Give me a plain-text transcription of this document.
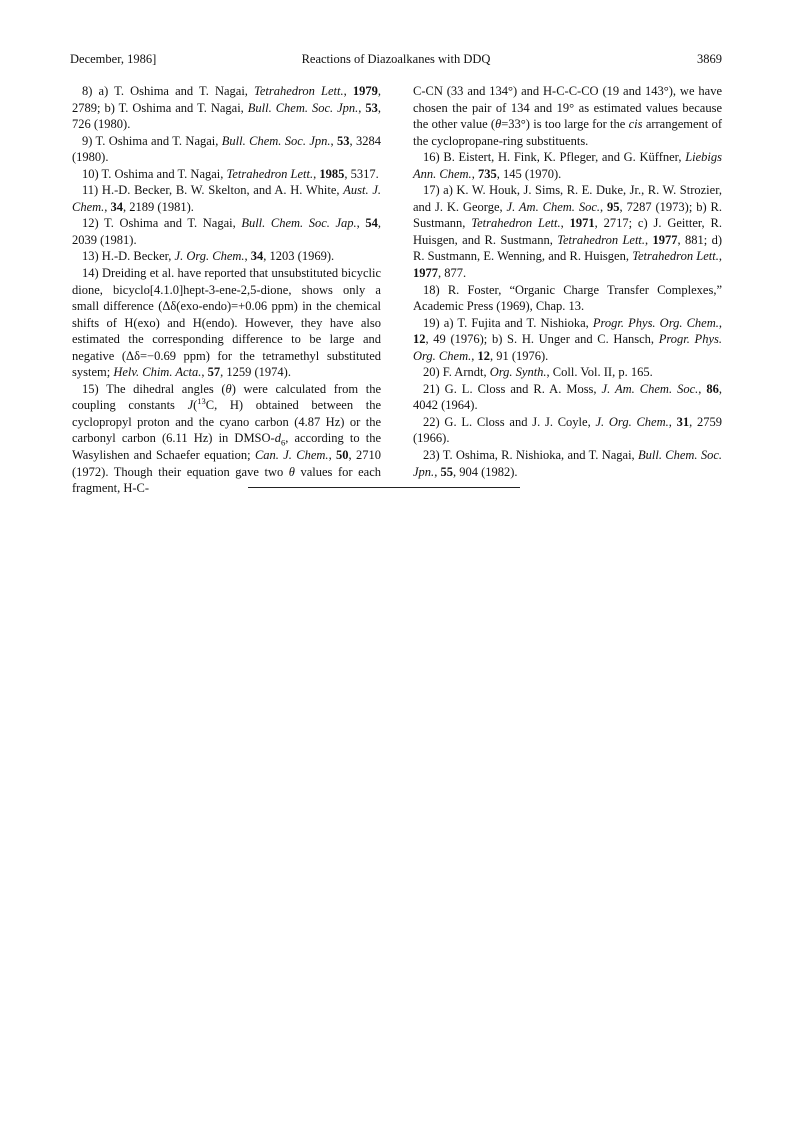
December, 1986]	Reactions of Diazoalkanes with DDQ	3869

8) a) T. Oshima and T. Nagai, Tetrahedron Lett., 1979, 2789; b) T. Oshima and T. Nagai, Bull. Chem. Soc. Jpn., 53, 726 (1980).

9) T. Oshima and T. Nagai, Bull. Chem. Soc. Jpn., 53, 3284 (1980).

10) T. Oshima and T. Nagai, Tetrahedron Lett., 1985, 5317.

11) H.-D. Becker, B. W. Skelton, and A. H. White, Aust. J. Chem., 34, 2189 (1981).

12) T. Oshima and T. Nagai, Bull. Chem. Soc. Jap., 54, 2039 (1981).

13) H.-D. Becker, J. Org. Chem., 34, 1203 (1969).

14) Dreiding et al. have reported that unsubstituted bicyclic dione, bicyclo[4.1.0]hept-3-ene-2,5-dione, shows only a small difference (Δδ(exo-endo)=+0.06 ppm) in the chemical shifts of H(exo) and H(endo). However, they have also estimated the corresponding difference to be large and negative (Δδ=−0.69 ppm) for the tetramethyl substituted system; Helv. Chim. Acta., 57, 1259 (1974).

15) The dihedral angles (θ) were calculated from the coupling constants J($^{13}$C, H) obtained between the cyclopropyl proton and the cyano carbon (4.87 Hz) or the carbonyl carbon (6.11 Hz) in DMSO-$d_6$, according to the Wasylishen and Schaefer equation; Can. J. Chem., 50, 2710 (1972). Though their equation gave two θ values for each fragment, H-C-

C-CN (33 and 134°) and H-C-C-CO (19 and 143°), we have chosen the pair of 134 and 19° as estimated values because the other value (θ=33°) is too large for the cis arrangement of the cyclopropane-ring substituents.

16) B. Eistert, H. Fink, K. Pfleger, and G. Küffner, Liebigs Ann. Chem., 735, 145 (1970).

17) a) K. W. Houk, J. Sims, R. E. Duke, Jr., R. W. Strozier, and J. K. George, J. Am. Chem. Soc., 95, 7287 (1973); b) R. Sustmann, Tetrahedron Lett., 1971, 2717; c) J. Geitter, R. Huisgen, and R. Sustmann, Tetrahedron Lett., 1977, 881; d) R. Sustmann, E. Wenning, and R. Huisgen, Tetrahedron Lett., 1977, 877.

18) R. Foster, “Organic Charge Transfer Complexes,” Academic Press (1969), Chap. 13.

19) a) T. Fujita and T. Nishioka, Progr. Phys. Org. Chem., 12, 49 (1976); b) S. H. Unger and C. Hansch, Progr. Phys. Org. Chem., 12, 91 (1976).

20) F. Arndt, Org. Synth., Coll. Vol. II, p. 165.

21) G. L. Closs and R. A. Moss, J. Am. Chem. Soc., 86, 4042 (1964).

22) G. L. Closs and J. J. Coyle, J. Org. Chem., 31, 2759 (1966).

23) T. Oshima, R. Nishioka, and T. Nagai, Bull. Chem. Soc. Jpn., 55, 904 (1982).
